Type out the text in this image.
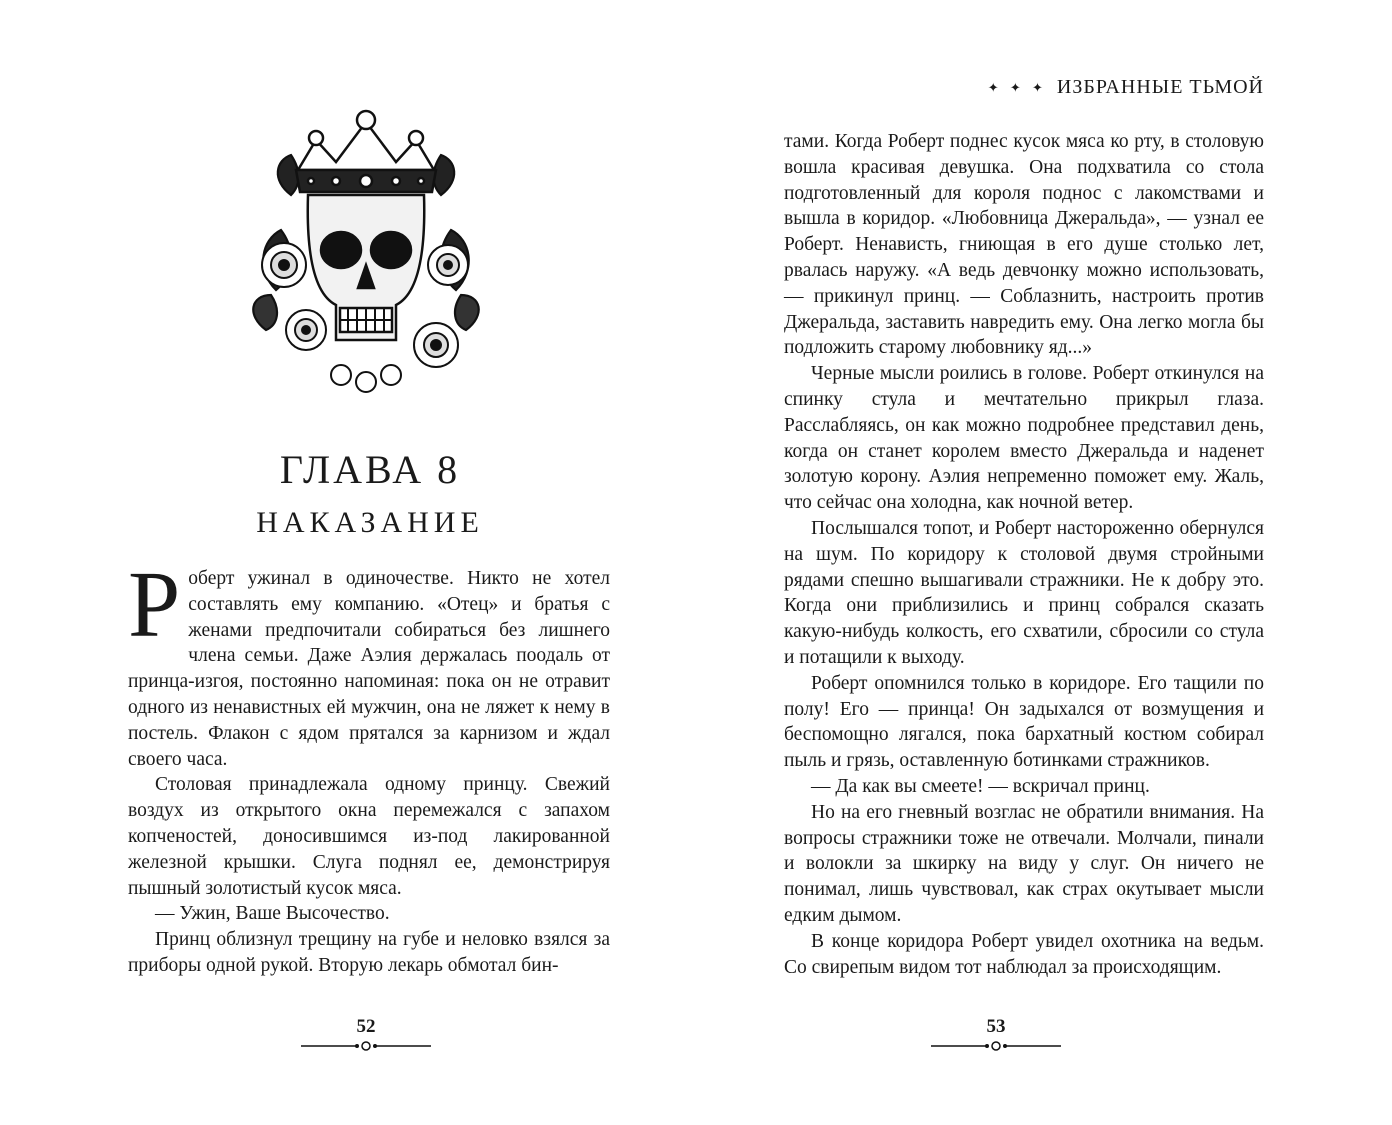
ГЛАВА 8
НАКАЗАНИЕ

Роберт ужинал в одиночестве. Никто не хотел составлять ему компанию. «Отец» и братья с женами предпочитали собираться без лишнего члена семьи. Даже Аэлия держалась поодаль от принца-изгоя, постоянно напоминая: пока он не отравит одного из ненавистных ей мужчин, она не ляжет к нему в постель. Флакон с ядом прятался за карнизом и ждал своего часа.

Столовая принадлежала одному принцу. Свежий воздух из открытого окна перемежался с запахом копченостей, доносившимся из-под лакированной железной крышки. Слуга поднял ее, демонстрируя пышный золотистый кусок мяса.

— Ужин, Ваше Высочество.

Принц облизнул трещину на губе и неловко взялся за приборы одной рукой. Вторую лекарь обмотал бин-

52
✦ ✦ ✦ ИЗБРАННЫЕ ТЬМОЙ

тами. Когда Роберт поднес кусок мяса ко рту, в столовую вошла красивая девушка. Она подхватила со стола подготовленный для короля поднос с лакомствами и вышла в коридор. «Любовница Джеральда», — узнал ее Роберт. Ненависть, гниющая в его душе столько лет, рвалась наружу. «А ведь девчонку можно использовать, — прикинул принц. — Соблазнить, настроить против Джеральда, заставить навредить ему. Она легко могла бы подложить старому любовнику яд...»

Черные мысли роились в голове. Роберт откинулся на спинку стула и мечтательно прикрыл глаза. Расслабляясь, он как можно подробнее представил день, когда он станет королем вместо Джеральда и наденет золотую корону. Аэлия непременно поможет ему. Жаль, что сейчас она холодна, как ночной ветер.

Послышался топот, и Роберт настороженно обернулся на шум. По коридору к столовой двумя стройными рядами спешно вышагивали стражники. Не к добру это. Когда они приблизились и принц собрался сказать какую-нибудь колкость, его схватили, сбросили со стула и потащили к выходу.

Роберт опомнился только в коридоре. Его тащили по полу! Его — принца! Он задыхался от возмущения и беспомощно лягался, пока бархатный костюм собирал пыль и грязь, оставленную ботинками стражников.

— Да как вы смеете! — вскричал принц.

Но на его гневный возглас не обратили внимания. На вопросы стражники тоже не отвечали. Молчали, пинали и волокли за шкирку на виду у слуг. Он ничего не понимал, лишь чувствовал, как страх окутывает мысли едким дымом.

В конце коридора Роберт увидел охотника на ведьм. Со свирепым видом тот наблюдал за происходящим.

53
